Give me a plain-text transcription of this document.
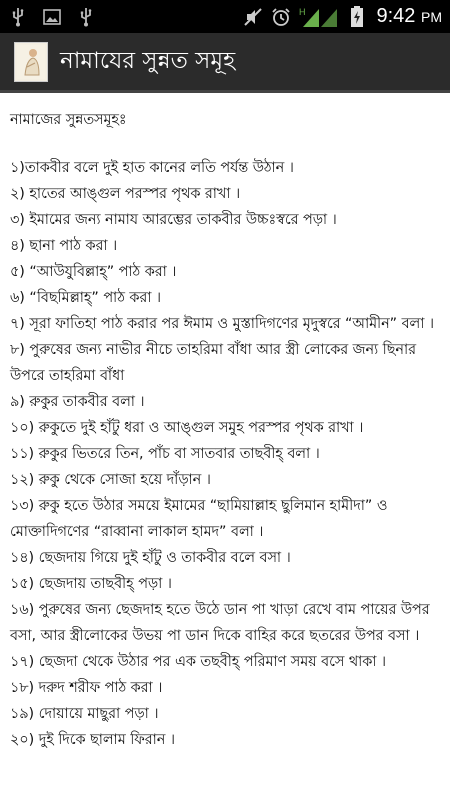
H	9:42 PM
নামাযের সুন্নত সমূহ
নামাজের সুন্নতসমূহঃ
১)তাকবীর বলে দুই হাত কানের লতি পর্যন্ত উঠান ।
২) হাতের আঙ্গুল পরস্পর পৃথক রাখা ।
৩) ইমামের জন্য নামায আরম্ভের তাকবীর উচ্চঃস্বরে পড়া ।
৪) ছানা পাঠ করা ।
৫) “আউযুবিল্লাহ্” পাঠ করা ।
৬) “বিছমিল্লাহ্” পাঠ করা ।
৭) সূরা ফাতিহা পাঠ করার পর ঈমাম ও মুস্তাদিগণের মৃদুস্বরে “আমীন” বলা ।
৮) পুরুষের জন্য নাভীর নীচে তাহরিমা বাঁধা আর স্ত্রী লোকের জন্য ছিনার উপরে তাহরিমা বাঁধা
৯) রুকুর তাকবীর বলা ।
১০) রুকুতে দুই হাঁটু ধরা ও আঙ্গুল সমুহ পরস্পর পৃথক রাখা ।
১১) রুকুর ভিতরে তিন, পাঁচ বা সাতবার তাছবীহ্ বলা ।
১২) রুকু থেকে সোজা হয়ে দাঁড়ান ।
১৩) রুকু হতে উঠার সময়ে ইমামের “ছামিয়াল্লাহ ছুলিমান হামীদা” ও মোক্তাদিগণের “রাব্বানা লাকাল হামদ” বলা ।
১৪) ছেজদায় গিয়ে দুই হাঁটু ও তাকবীর বলে বসা ।
১৫) ছেজদায় তাছবীহ্ পড়া ।
১৬) পুরুষের জন্য ছেজদাহ হতে উঠে ডান পা খাড়া রেখে বাম পায়ের উপর বসা, আর স্ত্রীলোকের উভয় পা ডান দিকে বাহির করে ছতরের উপর বসা ।
১৭) ছেজদা থেকে উঠার পর এক তছবীহ্ পরিমাণ সময় বসে থাকা ।
১৮) দরুদ শরীফ পাঠ করা ।
১৯) দোয়ায়ে মাছুরা পড়া ।
২০) দুই দিকে ছালাম ফিরান ।
